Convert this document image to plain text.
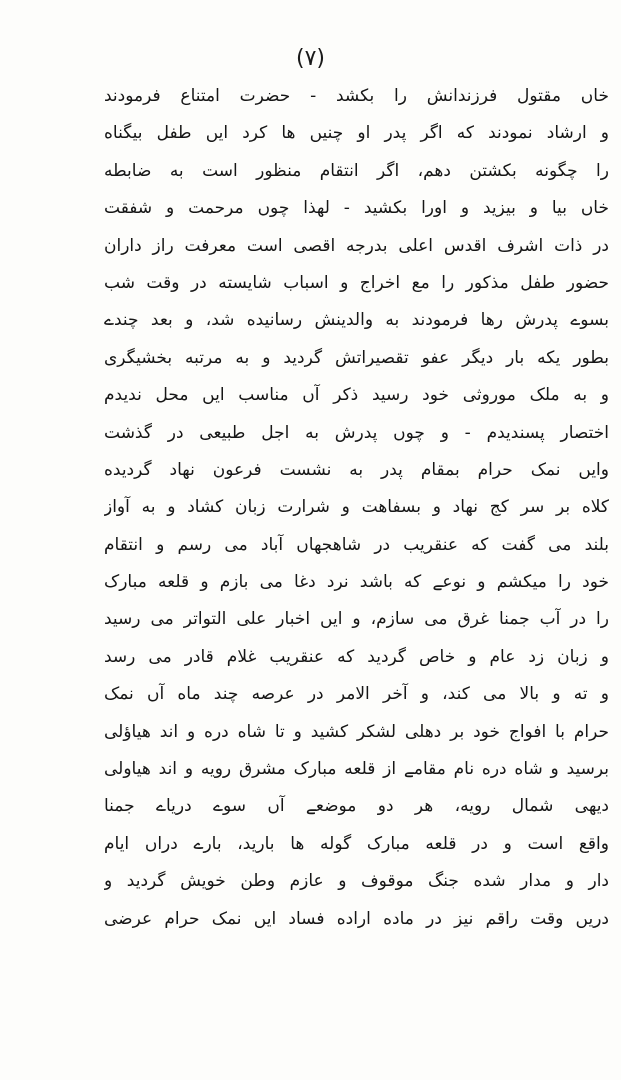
(۷)
خاں مقتول فرزندانش را بکشد - حضرت امتناع فرمودند
و ارشاد نمودند که اگر پدر او چنیں ها کرد ایں طفل بیگناه
را چگونه بکشتن دهم، اگر انتقام منظور است به ضابطه
خاں بیا و بیزید و اورا بکشید - لهذا چوں مرحمت و شفقت
در ذات اشرف اقدس اعلی بدرجه اقصی است معرفت راز داران
حضور طفل مذکور را مع اخراج و اسباب شایسته در وقت شب
بسوے پدرش رها فرمودند به والدینش رسانیده شد، و بعد چندے
بطور یکه بار دیگر عفو تقصیراتش گردید و به مرتبه بخشیگری
و به ملک موروثی خود رسید ذکر آں مناسب ایں محل ندیدم
اختصار پسندیدم - و چوں پدرش به اجل طبیعی در گذشت
وایں نمک حرام بمقام پدر به نشست فرعون نهاد گردیده
کلاه بر سر کج نهاد و بسفاهت و شرارت زبان کشاد و به آواز
بلند می گفت که عنقریب در شاهجهاں آباد می رسم و انتقام
خود را میکشم و نوعے که باشد نرد دغا می بازم و قلعه مبارک
را در آب جمنا غرق می سازم، و ایں اخبار علی التواتر می رسید
و زبان زد عام و خاص گردید که عنقریب غلام قادر می رسد
و ته و بالا می کند، و آخر الامر در عرصه چند ماه آں نمک
حرام با افواج خود بر دهلی لشکر کشید و تا شاه دره و اند هیاؤلی
برسید و شاه دره نام مقامے از قلعه مبارک مشرق رویه و اند هیاولی
دیهی شمال رویه، هر دو موضعے آں سوے دریاے جمنا
واقع است و در قلعه مبارک گوله ها بارید، بارے دراں ایام
دار و مدار شده جنگ موقوف و عازم وطن خویش گردید و
دریں وقت راقم نیز در ماده اراده فساد ایں نمک حرام عرضی
